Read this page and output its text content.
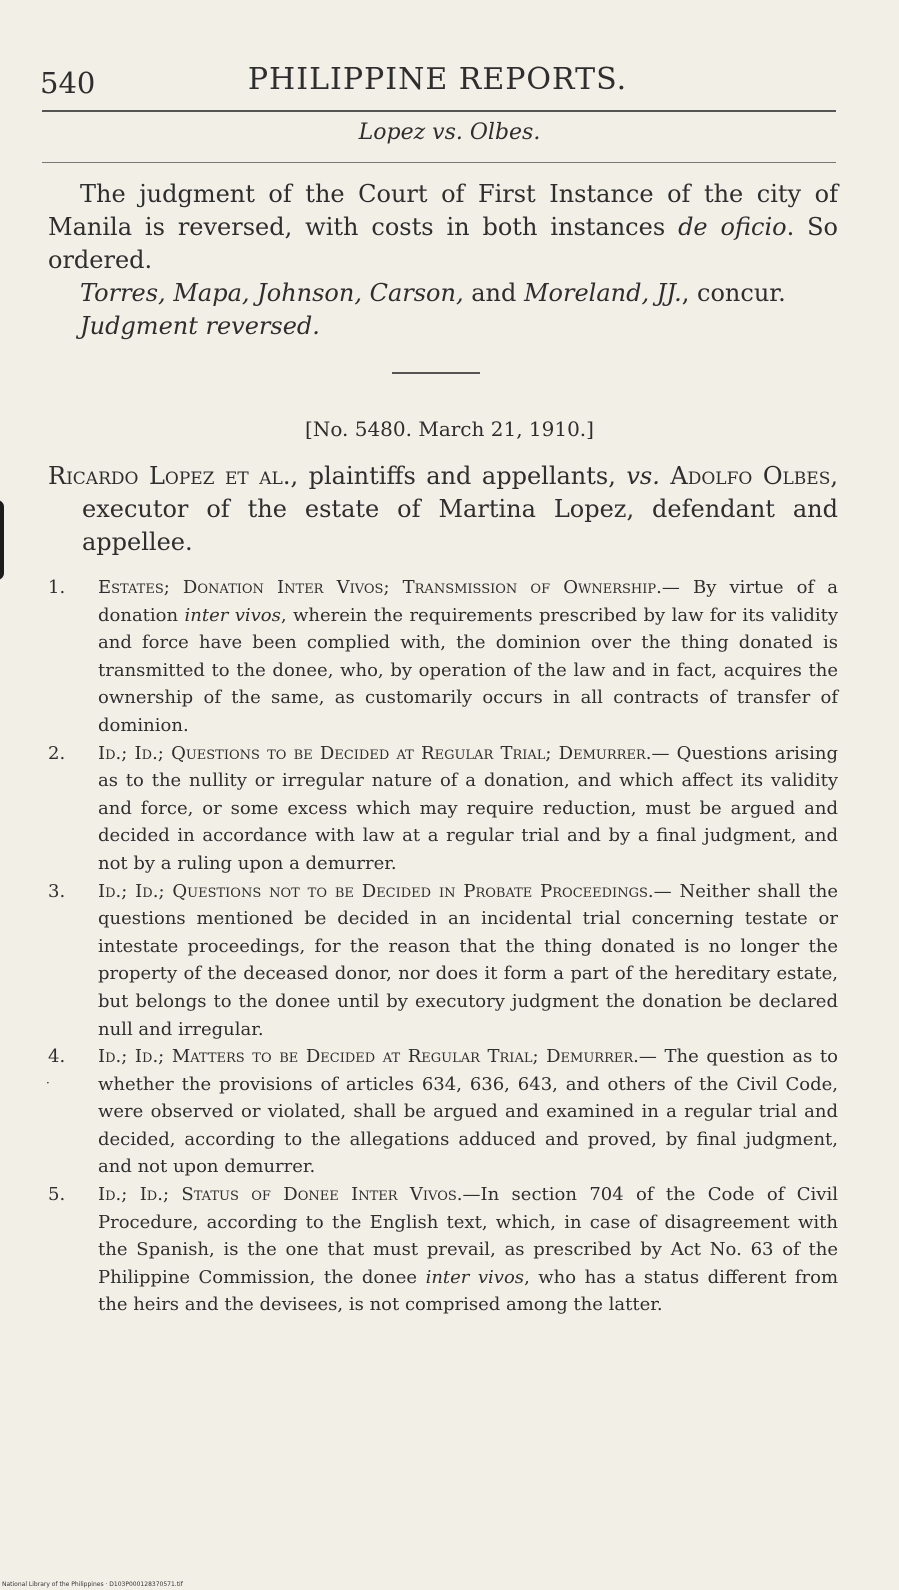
540	PHILIPPINE REPORTS.
Lopez vs. Olbes.

The judgment of the Court of First Instance of the city of Manila is reversed, with costs in both instances de oficio. So ordered.

Torres, Mapa, Johnson, Carson, and Moreland, JJ., concur.

Judgment reversed.

[No. 5480. March 21, 1910.]
Ricardo Lopez et al., plaintiffs and appellants, vs. Adolfo Olbes, executor of the estate of Martina Lopez, defendant and appellee.
1. Estates; Donation Inter Vivos; Transmission of Ownership.— By virtue of a donation inter vivos, wherein the requirements prescribed by law for its validity and force have been complied with, the dominion over the thing donated is transmitted to the donee, who, by operation of the law and in fact, acquires the ownership of the same, as customarily occurs in all contracts of transfer of dominion.
2. Id.; Id.; Questions to be Decided at Regular Trial; Demurrer.— Questions arising as to the nullity or irregular nature of a donation, and which affect its validity and force, or some excess which may require reduction, must be argued and decided in accordance with law at a regular trial and by a final judgment, and not by a ruling upon a demurrer.
3. Id.; Id.; Questions not to be Decided in Probate Proceedings.— Neither shall the questions mentioned be decided in an incidental trial concerning testate or intestate proceedings, for the reason that the thing donated is no longer the property of the deceased donor, nor does it form a part of the hereditary estate, but belongs to the donee until by executory judgment the donation be declared null and irregular.
4. Id.; Id.; Matters to be Decided at Regular Trial; Demurrer.— The question as to whether the provisions of articles 634, 636, 643, and others of the Civil Code, were observed or violated, shall be argued and examined in a regular trial and decided, according to the allegations adduced and proved, by final judgment, and not upon demurrer.
5. Id.; Id.; Status of Donee Inter Vivos.—In section 704 of the Code of Civil Procedure, according to the English text, which, in case of disagreement with the Spanish, is the one that must prevail, as prescribed by Act No. 63 of the Philippine Commission, the donee inter vivos, who has a status different from the heirs and the devisees, is not comprised among the latter.
·
National Library of the Philippines · D103P000128370571.tif
